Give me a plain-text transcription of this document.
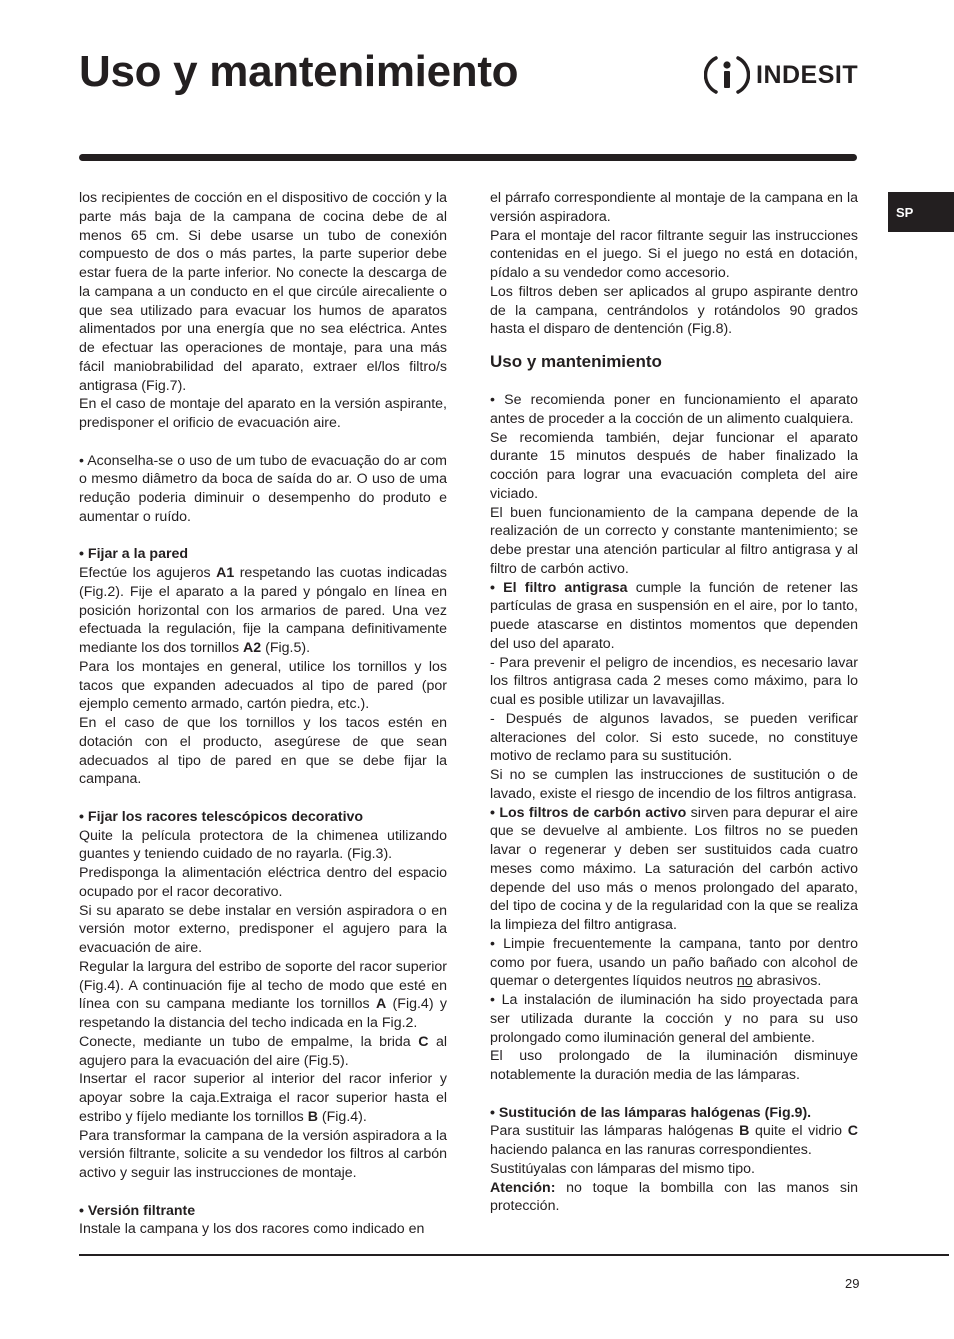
Uso y mantenimiento	INDESIT
SP

los recipientes de cocción en el dispositivo de cocción y la parte más baja de la campana de cocina debe de al menos 65 cm. Si debe usarse un tubo de conexión compuesto de dos o más partes, la parte superior debe estar fuera de la parte inferior. No conecte la descarga de la campana a un conducto en el que circúle airecaliente o que sea utilizado para evacuar los humos de aparatos alimentados por una energía que no sea eléctrica. Antes de efectuar las operaciones de montaje, para una más fácil maniobrabilidad del aparato, extraer el/los filtro/s antigrasa (Fig.7).

En el caso de montaje del aparato en la versión aspirante, predisponer el orificio de evacuación aire.

• Aconselha-se o uso de um tubo de evacuação do ar com o mesmo diâmetro da boca de saída do ar. O uso de uma redução poderia diminuir o desempenho do produto e aumentar o ruído.

• Fijar a la pared

Efectúe los agujeros A1 respetando las cuotas indicadas (Fig.2). Fije el aparato a la pared y póngalo en línea en posición horizontal con los armarios de pared. Una vez efectuada la regulación, fije la campana definitivamente mediante los dos tornillos A2 (Fig.5).

Para los montajes en general, utilice los tornillos y los tacos que expanden adecuados al tipo de pared (por ejemplo cemento armado, cartón piedra, etc.).

En el caso de que los tornillos y los tacos estén en dotación con el producto, asegúrese de que sean adecuados al tipo de pared en que se debe fijar la campana.

• Fijar los racores telescópicos decorativo

Quite la película protectora de la chimenea utilizando guantes y teniendo cuidado de no rayarla. (Fig.3).

Predisponga la alimentación eléctrica dentro del espacio ocupado por el racor decorativo.

Si su aparato se debe instalar en versión aspiradora o en versión motor externo, predisponer el agujero para la evacuación de aire.

Regular la largura del estribo de soporte del racor superior (Fig.4). A continuación fije al techo de modo que esté en línea con su campana mediante los tornillos A (Fig.4) y respetando la distancia del techo indicada en la Fig.2.

Conecte, mediante un tubo de empalme, la brida C al agujero para la evacuación del aire (Fig.5).

Insertar el racor superior al interior del racor inferior y apoyar sobre la caja.Extraiga el racor superior hasta el estribo y fíjelo mediante los tornillos B (Fig.4).

Para transformar la campana de la versión aspiradora a la versión filtrante, solicite a su vendedor los filtros al carbón activo y seguir las instrucciones de montaje.

• Versión filtrante

Instale la campana y los dos racores como indicado en

el párrafo correspondiente al montaje de la campana en la versión aspiradora.

Para el montaje del racor filtrante seguir las instrucciones contenidas en el juego. Si el juego no está en dotación, pídalo a su vendedor como accesorio.

Los filtros deben ser aplicados al grupo aspirante dentro de la campana, centrándolos y rotándolos 90 grados hasta el disparo de dentención (Fig.8).

Uso y mantenimiento

• Se recomienda poner en funcionamiento el aparato antes de proceder a la cocción de un alimento cualquiera.

Se recomienda también, dejar funcionar el aparato durante 15 minutos después de haber finalizado la cocción para lograr una evacuación completa del aire viciado.

El buen funcionamiento de la campana depende de la realización de un correcto y constante mantenimiento; se debe prestar una atención particular al filtro antigrasa y al filtro de carbón activo.

• El filtro antigrasa cumple la función de retener las partículas de grasa en suspensión en el aire, por lo tanto, puede atascarse en distintos momentos que dependen del uso del aparato.

- Para prevenir el peligro de incendios, es necesario lavar los filtros antigrasa cada 2 meses como máximo, para lo cual es posible utilizar un lavavajillas.

- Después de algunos lavados, se pueden verificar alteraciones del color. Si esto sucede, no constituye motivo de reclamo para su sustitución.

Si no se cumplen las instrucciones de sustitución o de lavado, existe el riesgo de incendio de los filtros antigrasa.

• Los filtros de carbón activo sirven para depurar el aire que se devuelve al ambiente. Los filtros no se pueden lavar o regenerar y deben ser sustituidos cada cuatro meses como máximo. La saturación del carbón activo depende del uso más o menos prolongado del aparato, del tipo de cocina y de la regularidad con la que se realiza la limpieza del filtro antigrasa.

• Limpie frecuentemente la campana, tanto por dentro como por fuera, usando un paño bañado con alcohol de quemar o detergentes líquidos neutros no abrasivos.

• La instalación de iluminación ha sido proyectada para ser utilizada durante la cocción y no para su uso prolongado como iluminación general del ambiente.

El uso prolongado de la iluminación disminuye notablemente la duración media de las lámparas.

• Sustitución de las lámparas halógenas (Fig.9).

Para sustituir las lámparas halógenas B quite el vidrio C haciendo palanca en las ranuras correspondientes.

Sustitúyalas con lámparas del mismo tipo.

Atención: no toque la bombilla con las manos sin protección.

29
